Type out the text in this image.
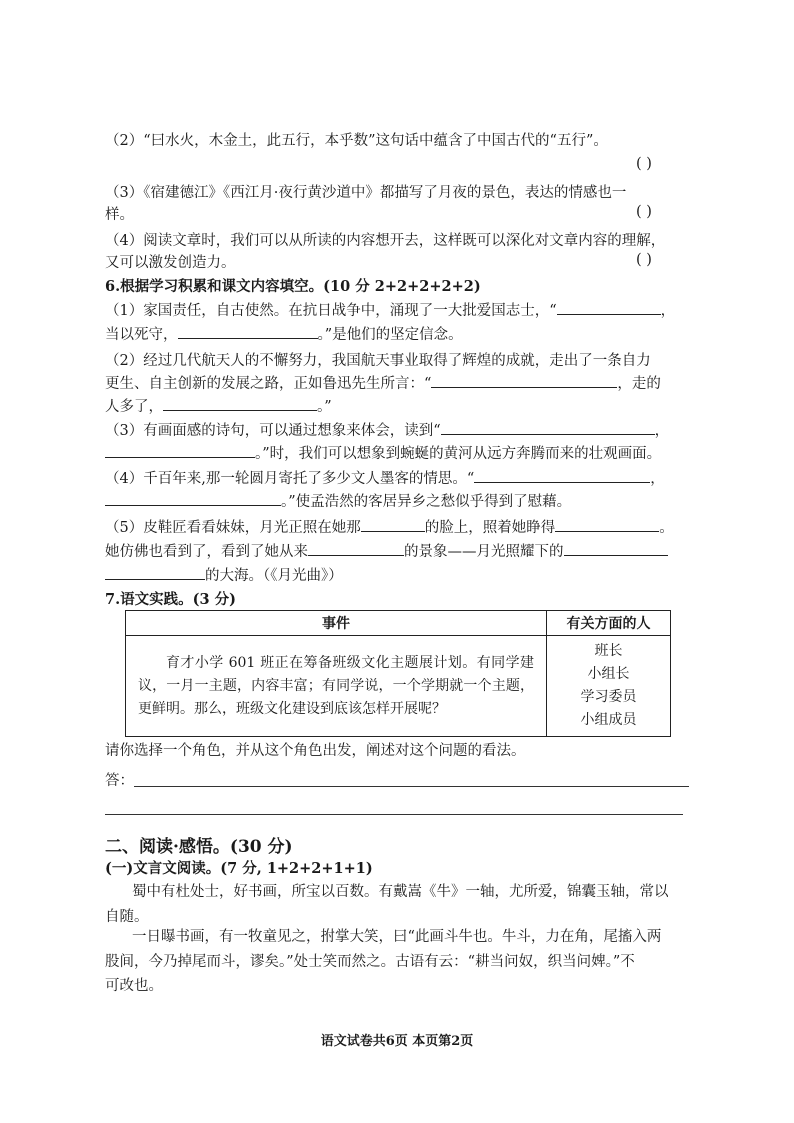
（2）“曰水火，木金土，此五行，本乎数”这句话中蕴含了中国古代的“五行”。
( )
（3）《宿建德江》《西江月·夜行黄沙道中》都描写了月夜的景色，表达的情感也一
样。	( )
（4）阅读文章时，我们可以从所读的内容想开去，这样既可以深化对文章内容的理解，
又可以激发创造力。	( )
6.根据学习积累和课文内容填空。(10 分 2+2+2+2+2)
（1）家国责任，自古使然。在抗日战争中，涌现了一大批爱国志士，“	，
当以死守，	。”是他们的坚定信念。
（2）经过几代航天人的不懈努力，我国航天事业取得了辉煌的成就，走出了一条自力
更生、自主创新的发展之路，正如鲁迅先生所言：“	，走的
人多了，	。”
（3）有画面感的诗句，可以通过想象来体会，读到“	，
。”时，我们可以想象到蜿蜒的黄河从远方奔腾而来的壮观画面。
（4）千百年来,那一轮圆月寄托了多少文人墨客的情思。“	，
。”使孟浩然的客居异乡之愁似乎得到了慰藉。
（5）皮鞋匠看看妹妹，月光正照在她那	的脸上，照着她睁得	。
她仿佛也看到了，看到了她从来	的景象——月光照耀下的
的大海。（《月光曲》）
7.语文实践。(3 分)
事件	有关方面的人
育才小学 601 班正在筹备班级文化主题展计划。有同学建议，一月一主题，内容丰富；有同学说，一个学期就一个主题，更鲜明。那么，班级文化建设到底该怎样开展呢？	班长
小组长
学习委员
小组成员
请你选择一个角色，并从这个角色出发，阐述对这个问题的看法。
答：
二、阅读·感悟。(30 分)
(一)文言文阅读。(7 分, 1+2+2+1+1)
蜀中有杜处士，好书画，所宝以百数。有戴嵩《牛》一轴，尤所爱，锦囊玉轴，常以
自随。
一日曝书画，有一牧童见之，拊掌大笑，曰“此画斗牛也。牛斗，力在角，尾搐入两
股间，今乃掉尾而斗，谬矣。”处士笑而然之。古语有云：“耕当问奴，织当问婢。”不
可改也。
语文试卷共6页 本页第2页
